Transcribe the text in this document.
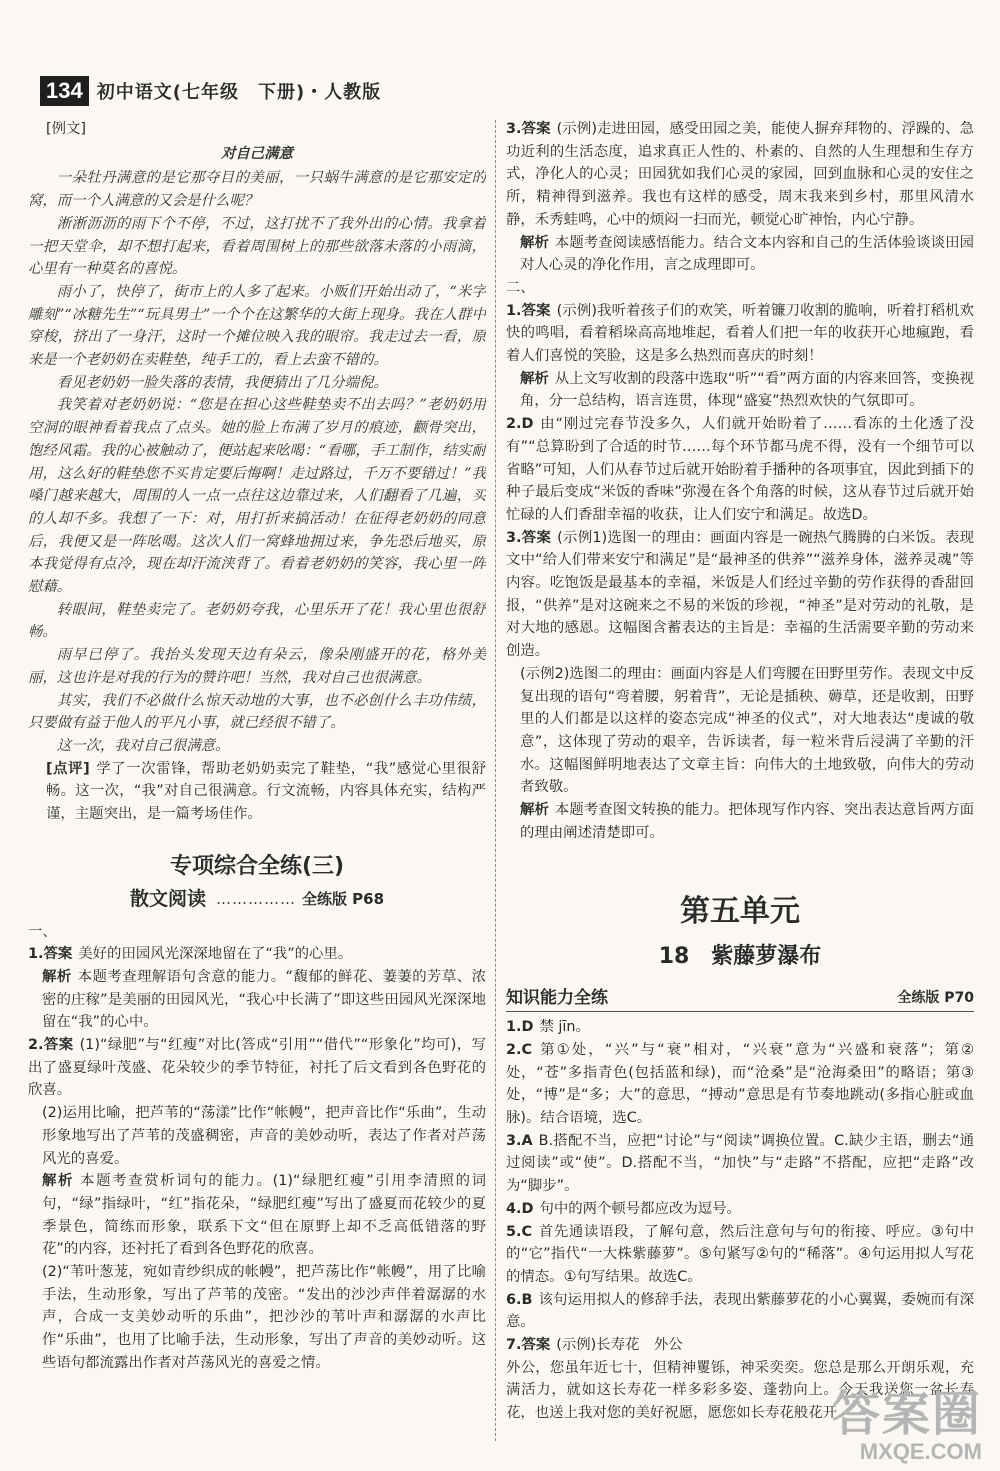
134 初中语文(七年级　下册)・人教版
[例文]
对自己满意

一朵牡丹满意的是它那夺目的美丽，一只蜗牛满意的是它那安定的窝，而一个人满意的又会是什么呢？

淅淅沥沥的雨下个不停，不过，这打扰不了我外出的心情。我拿着一把天堂伞，却不想打起来，看着周围树上的那些欲落未落的小雨滴，心里有一种莫名的喜悦。

雨小了，快停了，街市上的人多了起来。小贩们开始出动了，“米字雕刻”“冰糖先生”“玩具男士”一个个在这繁华的大街上现身。我在人群中穿梭，挤出了一身汗，这时一个摊位映入我的眼帘。我走过去一看，原来是一个老奶奶在卖鞋垫，纯手工的，看上去蛮不错的。

看见老奶奶一脸失落的表情，我便猜出了几分端倪。

我笑着对老奶奶说：“您是在担心这些鞋垫卖不出去吗？”老奶奶用空洞的眼神看着我点了点头。她的脸上布满了岁月的痕迹，颧骨突出，饱经风霜。我的心被触动了，便站起来吆喝：“看哪，手工制作，结实耐用，这么好的鞋垫您不买肯定要后悔啊！走过路过，千万不要错过！”我嗓门越来越大，周围的人一点一点往这边靠过来，人们翻看了几遍，买的人却不多。我想了一下：对，用打折来搞活动！在征得老奶奶的同意后，我便又是一阵吆喝。这次人们一窝蜂地拥过来，争先恐后地买，原本我觉得有点冷，现在却汗流浃背了。看着老奶奶的笑容，我心里一阵慰藉。

转眼间，鞋垫卖完了。老奶奶夸我，心里乐开了花！我心里也很舒畅。

雨早已停了。我抬头发现天边有朵云，像朵刚盛开的花，格外美丽，这也许是对我的行为的赞许吧！当然，我对自己也很满意。

其实，我们不必做什么惊天动地的大事，也不必创什么丰功伟绩，只要做有益于他人的平凡小事，就已经很不错了。

这一次，我对自己很满意。

[点评] 学了一次雷锋，帮助老奶奶卖完了鞋垫，“我”感觉心里很舒畅。这一次，“我”对自己很满意。行文流畅，内容具体充实，结构严谨，主题突出，是一篇考场佳作。

专项综合全练(三)
散文阅读 …………… 全练版 P68

一、

1.答案 美好的田园风光深深地留在了“我”的心里。

解析 本题考查理解语句含意的能力。“馥郁的鲜花、萋萋的芳草、浓密的庄稼”是美丽的田园风光，“我心中长满了”即这些田园风光深深地留在“我”的心中。

2.答案 (1)“绿肥”与“红瘦”对比(答成“引用”“借代”“形象化”均可)，写出了盛夏绿叶茂盛、花朵较少的季节特征，衬托了后文看到各色野花的欣喜。

(2)运用比喻，把芦苇的“荡漾”比作“帐幔”，把声音比作“乐曲”，生动形象地写出了芦苇的茂盛稠密，声音的美妙动听，表达了作者对芦荡风光的喜爱。

解析 本题考查赏析词句的能力。(1)“绿肥红瘦”引用李清照的词句，“绿”指绿叶，“红”指花朵，“绿肥红瘦”写出了盛夏而花较少的夏季景色，简练而形象，联系下文“但在原野上却不乏高低错落的野花”的内容，还衬托了看到各色野花的欣喜。

(2)“苇叶葱茏，宛如青纱织成的帐幔”，把芦荡比作“帐幔”，用了比喻手法，生动形象，写出了芦苇的茂密。“发出的沙沙声伴着潺潺的水声，合成一支美妙动听的乐曲”，把沙沙的苇叶声和潺潺的水声比作“乐曲”，也用了比喻手法，生动形象，写出了声音的美妙动听。这些语句都流露出作者对芦荡风光的喜爱之情。

3.答案 (示例)走进田园，感受田园之美，能使人摒弃拜物的、浮躁的、急功近利的生活态度，追求真正人性的、朴素的、自然的人生理想和生存方式，净化人的心灵；田园犹如我们心灵的家园，回到血脉和心灵的安住之所，精神得到滋养。我也有这样的感受，周末我来到乡村，那里风清水静，禾秀蛙鸣，心中的烦闷一扫而光，顿觉心旷神怡，内心宁静。

解析 本题考查阅读感悟能力。结合文本内容和自己的生活体验谈谈田园对人心灵的净化作用，言之成理即可。

二、

1.答案 (示例)我听着孩子们的欢笑，听着镰刀收割的脆响，听着打稻机欢快的鸣唱，看着稻垛高高地堆起，看着人们把一年的收获开心地瘋跑，看着人们喜悦的笑脸，这是多么热烈而喜庆的时刻！

解析 从上文写收割的段落中选取“听”“看”两方面的内容来回答，变换视角，分一总结构，语言连贯，体现“盛宴”热烈欢快的气氛即可。

2.D 由“刚过完春节没多久，人们就开始盼着了……看冻的土化透了没有”“总算盼到了合适的时节……每个环节都马虎不得，没有一个细节可以省略”可知，人们从春节过后就开始盼着手播种的各项事宜，因此到插下的种子最后变成“米饭的香味”弥漫在各个角落的时候，这从春节过后就开始忙碌的人们香甜幸福的收获，让人们安宁和满足。故选D。

3.答案 (示例1)选图一的理由：画面内容是一碗热气腾腾的白米饭。表现文中“给人们带来安宁和满足”是“最神圣的供养”“滋养身体，滋养灵魂”等内容。吃饱饭是最基本的幸福，米饭是人们经过辛勤的劳作获得的香甜回报，“供养”是对这碗来之不易的米饭的珍视，“神圣”是对劳动的礼敬，是对大地的感恩。这幅图含蓄表达的主旨是：幸福的生活需要辛勤的劳动来创造。

(示例2)选图二的理由：画面内容是人们弯腰在田野里劳作。表现文中反复出现的语句“弯着腰，躬着背”，无论是插秧、薅草，还是收割，田野里的人们都是以这样的姿态完成“神圣的仪式”，对大地表达“虔诚的敬意”，这体现了劳动的艰辛，告诉读者，每一粒米背后浸满了辛勤的汗水。这幅图鲜明地表达了文章主旨：向伟大的土地致敬，向伟大的劳动者致敬。

解析 本题考查图文转换的能力。把体现写作内容、突出表达意旨两方面的理由阐述清楚即可。

第五单元
18　紫藤萝瀑布
知识能力全练	全练版 P70

1.D 禁 jīn。

2.C 第①处，“兴”与“衰”相对，“兴衰”意为“兴盛和衰落”；第②处，“苍”多指青色(包括蓝和绿)，而“沧桑”是“沧海桑田”的略语；第③处，“博”是“多；大”的意思，“搏动”意思是有节奏地跳动(多指心脏或血脉)。结合语境，选C。

3.A B.搭配不当，应把“讨论”与“阅读”调换位置。C.缺少主语，删去“通过阅读”或“使”。D.搭配不当，“加快”与“走路”不搭配，应把“走路”改为“脚步”。

4.D 句中的两个顿号都应改为逗号。

5.C 首先通读语段，了解句意，然后注意句与句的衔接、呼应。③句中的“它”指代“一大株紫藤萝”。⑤句紧写②句的“稀落”。④句运用拟人写花的情态。①句写结果。故选C。

6.B 该句运用拟人的修辞手法，表现出紫藤萝花的小心翼翼，委婉而有深意。

7.答案 (示例)长寿花　外公

外公，您虽年近七十，但精神矍铄，神采奕奕。您总是那么开朗乐观，充满活力，就如这长寿花一样多彩多姿、蓬勃向上。今天我送您一盆长寿花，也送上我对您的美好祝愿，愿您如长寿花般花开

答案圈
MXQE.COM
